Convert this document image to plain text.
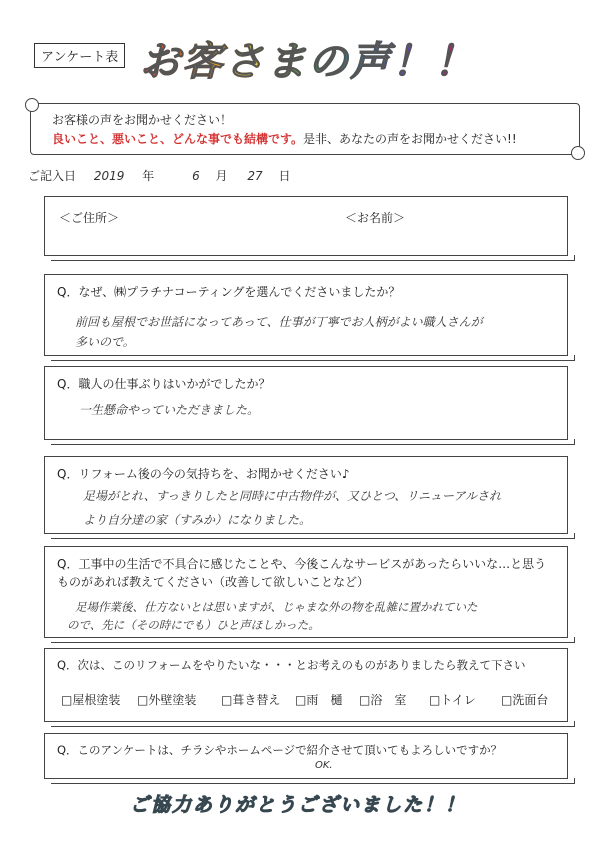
アンケート表 お客さまの声！！
お客様の声をお聞かせください！
良いこと、悪いこと、どんな事でも結構です。是非、あなたの声をお聞かせください!!
ご記入日 2019 年	6 月 27 日
＜ご住所＞	＜お名前＞
Q．なぜ、㈱プラチナコーティングを選んでくださいましたか？
前回も屋根でお世話になってあって、仕事が丁寧でお人柄がよい職人さんが
多いので。
Q．職人の仕事ぶりはいかがでしたか？
一生懸命やっていただきました。
Q．リフォーム後の今の気持ちを、お聞かせください♪
足場がとれ、すっきりしたと同時に中古物件が、又ひとつ、リニューアルされ
より自分達の家（すみか）になりました。
Q．工事中の生活で不具合に感じたことや、今後こんなサービスがあったらいいな…と思う
ものがあれば教えてください（改善して欲しいことなど）
足場作業後、仕方ないとは思いますが、じゃまな外の物を乱雑に置かれていた
ので、先に（その時にでも）ひと声ほしかった。
Q．次は、このリフォームをやりたいな・・・とお考えのものがありましたら教えて下さい
□屋根塗装 □外壁塗装 □葺き替え □雨　樋 □浴　室 □トイレ □洗面台
Q．このアンケートは、チラシやホームページで紹介させて頂いてもよろしいですか？
OK.
ご協力ありがとうございました！！
